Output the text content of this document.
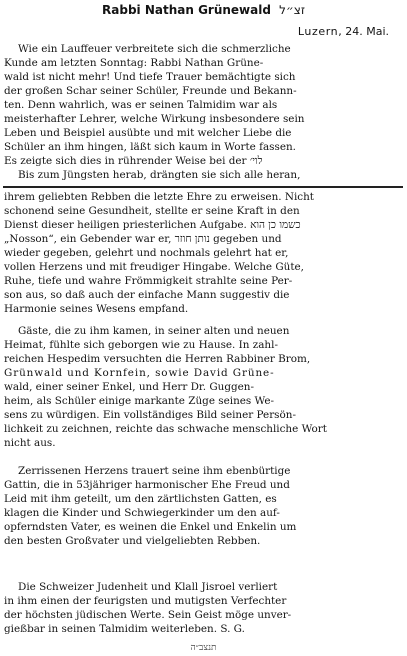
Rabbi Nathan Grünewald זצ״ל
Luzern, 24. Mai.
Wie ein Lauffeuer verbreitete sich die schmerzliche
Kunde am letzten Sonntag: Rabbi Nathan Grüne-
wald ist nicht mehr! Und tiefe Trauer bemächtigte sich
der großen Schar seiner Schüler, Freunde und Bekann-
ten. Denn wahrlich, was er seinen Talmidim war als
meisterhafter Lehrer, welche Wirkung insbesondere sein
Leben und Beispiel ausübte und mit welcher Liebe die
Schüler an ihm hingen, läßt sich kaum in Worte fassen.
Es zeigte sich dies in rührender Weise bei der לוי׳
Bis zum Jüngsten herab, drängten sie sich alle heran,
ihrem geliebten Rebben die letzte Ehre zu erweisen. Nicht
schonend seine Gesundheit, stellte er seine Kraft in den
Dienst dieser heiligen priesterlichen Aufgabe. כשמו כן הוא
„Nosson“, ein Gebender war er, נותן חוזר gegeben und
wieder gegeben, gelehrt und nochmals gelehrt hat er,
vollen Herzens und mit freudiger Hingabe. Welche Güte,
Ruhe, tiefe und wahre Frömmigkeit strahlte seine Per-
son aus, so daß auch der einfache Mann suggestiv die
Harmonie seines Wesens empfand.
Gäste, die zu ihm kamen, in seiner alten und neuen
Heimat, fühlte sich geborgen wie zu Hause. In zahl-
reichen Hespedim versuchten die Herren Rabbiner Brom,
Grünwald und Kornfein, sowie David Grüne-
wald, einer seiner Enkel, und Herr Dr. Guggen-
heim, als Schüler einige markante Züge seines We-
sens zu würdigen. Ein vollständiges Bild seiner Persön-
lichkeit zu zeichnen, reichte das schwache menschliche Wort
nicht aus.
Zerrissenen Herzens trauert seine ihm ebenbürtige
Gattin, die in 53jähriger harmonischer Ehe Freud und
Leid mit ihm geteilt, um den zärtlichsten Gatten, es
klagen die Kinder und Schwiegerkinder um den auf-
opferndsten Vater, es weinen die Enkel und Enkelin um
den besten Großvater und vielgeliebten Rebben.
Die Schweizer Judenheit und Klall Jisroel verliert
in ihm einen der feurigsten und mutigsten Verfechter
der höchsten jüdischen Werte. Sein Geist möge unver-
gießbar in seinen Talmidim weiterleben. S. G.
תנצב״ה
